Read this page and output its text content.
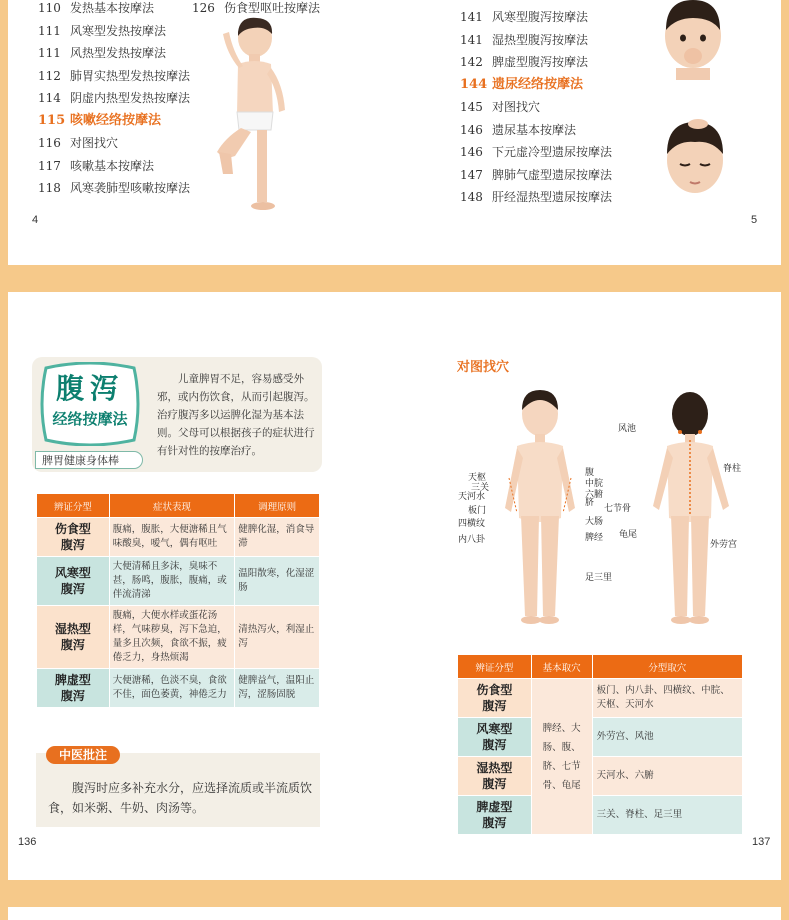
110 发热基本按摩法
111 风寒型发热按摩法
111 风热型发热按摩法
112 肺胃实热型发热按摩法
114 阴虚内热型发热按摩法
115 咳嗽经络按摩法
116 对图找穴
117 咳嗽基本按摩法
118 风寒袭肺型咳嗽按摩法
126 伤食型呕吐按摩法
141 风寒型腹泻按摩法
141 湿热型腹泻按摩法
142 脾虚型腹泻按摩法
144 遗尿经络按摩法
145 对图找穴
146 遗尿基本按摩法
146 下元虚冷型遗尿按摩法
147 脾肺气虚型遗尿按摩法
148 肝经湿热型遗尿按摩法
4	5
腹泻
经络按摩法
儿童脾胃不足，容易感受外邪，或内伤饮食，从而引起腹泻。治疗腹泻多以运脾化湿为基本法则。父母可以根据孩子的症状进行有针对性的按摩治疗。
脾胃健康身体棒
辨证分型	症状表现	调理原则
伤食型
腹泻	腹痛，腹胀，大便溏稀且气味酸臭，嗳气，偶有呕吐	健脾化湿，消食导滞
风寒型
腹泻	大便清稀且多沫，臭味不甚，肠鸣，腹胀，腹痛，或伴流清涕	温阳散寒，化湿涩肠
湿热型
腹泻	腹痛，大便水样或蛋花汤样，气味秽臭，泻下急迫，量多且次频，食欲不振，疲倦乏力，身热烦渴	清热泻火，利湿止泻
脾虚型
腹泻	大便溏稀，色淡不臭，食欲不佳，面色萎黄，神倦乏力	健脾益气，温阳止泻，涩肠固脱
中医批注
腹泻时应多补充水分，应选择流质或半流质饮食，如米粥、牛奶、肉汤等。
136
对图找穴
天枢
三关
天河水
板门
四横纹
内八卦
腹
中脘
六腑
脐
大肠
脾经
足三里
风池
脊柱
七节骨
龟尾
外劳宫
辨证分型	基本取穴	分型取穴
伤食型
腹泻	脾经、大肠、腹、脐、七节骨、龟尾	板门、内八卦、四横纹、中脘、天枢、天河水
风寒型
腹泻		外劳宫、风池
湿热型
腹泻		天河水、六腑
脾虚型
腹泻		三关、脊柱、足三里
137
